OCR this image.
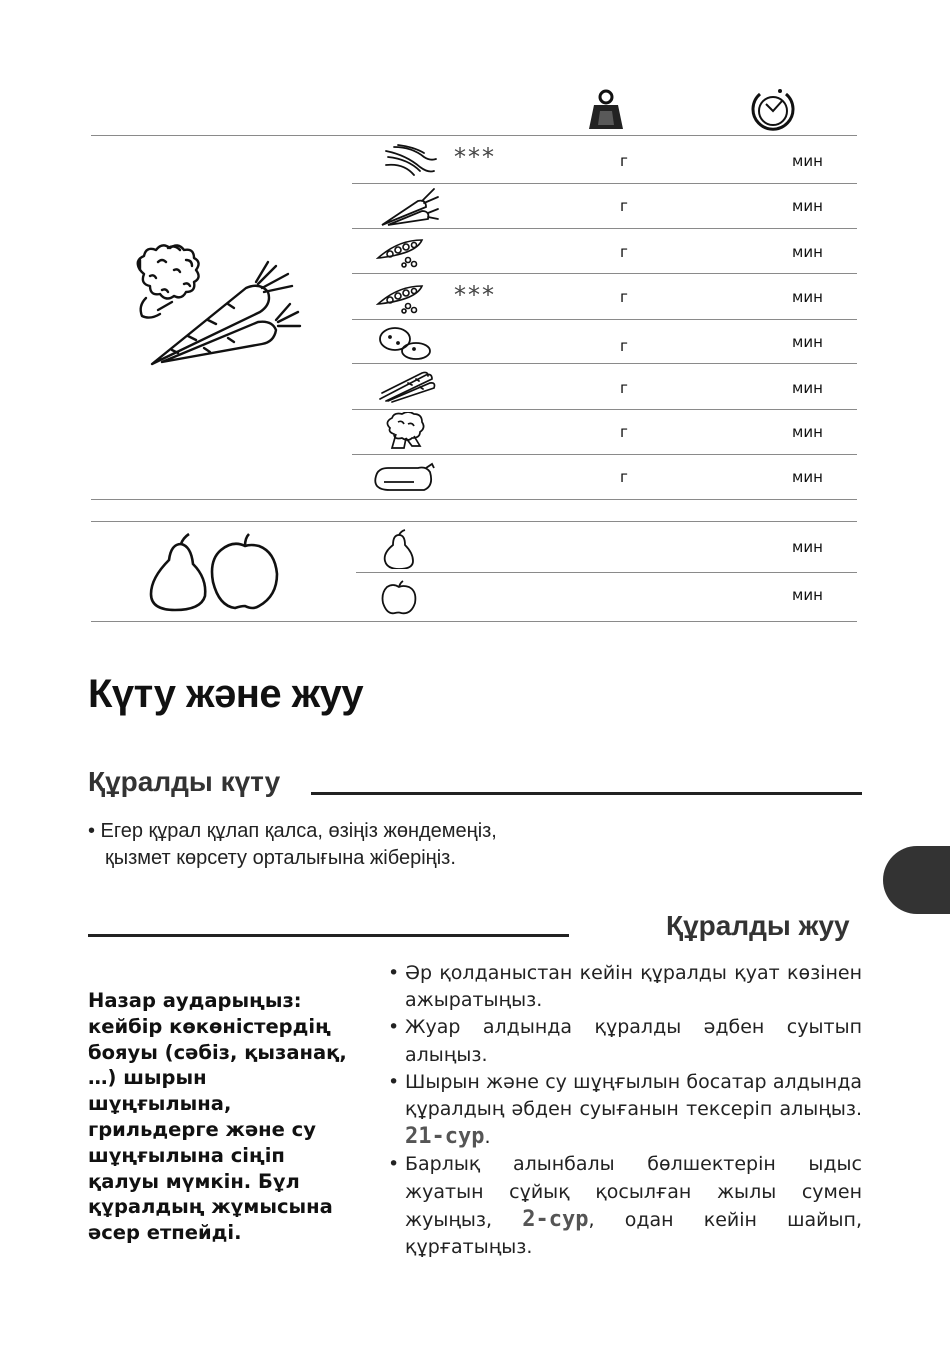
***	г	мин
г	мин
г	мин
***	г	мин
г	мин
г	мин
г	мин
г	мин
мин
мин
Күту және жуу
Құралды күту
• Егер құрал құлап қалса, өзіңіз жөндемеңіз,
қызмет көрсету орталығына жіберіңіз.
Құралды жуу
Назар аударыңыз:
кейбір көкөністердің бояуы (сәбіз, қызанақ, …) шырын шұңғылына, грильдерге және су шұңғылына сіңіп қалуы мүмкін. Бұл құралдың жұмысына әсер етпейді.
• Әр қолданыстан кейін құралды қуат көзінен ажыратыңыз.
• Жуар алдында құралды әдбен суытып алыңыз.
• Шырын және су шұңғылын босатар алдында құралдың әбден суығанын тексеріп алыңыз. 21-сур.
• Барлық алынбалы бөлшектерін ыдыс жуатын сұйық қосылған жылы сумен жуыңыз, 2-сур, одан кейін шайып, құрғатыңыз.
